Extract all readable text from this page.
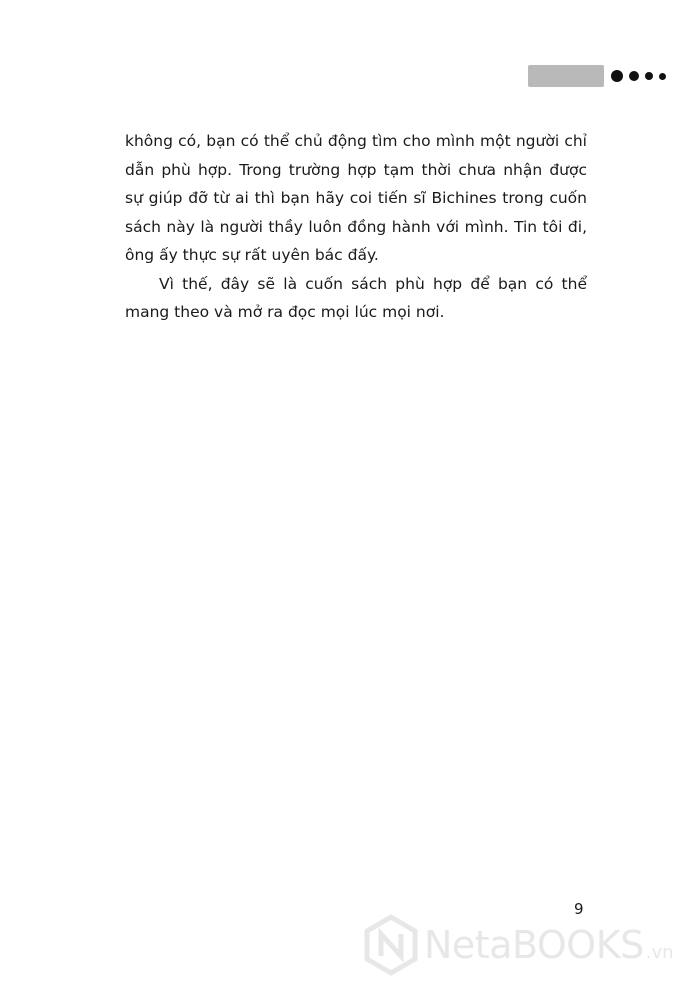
không có, bạn có thể chủ động tìm cho mình một người chỉ dẫn phù hợp. Trong trường hợp tạm thời chưa nhận được sự giúp đỡ từ ai thì bạn hãy coi tiến sĩ Bichines trong cuốn sách này là người thầy luôn đồng hành với mình. Tin tôi đi, ông ấy thực sự rất uyên bác đấy.

Vì thế, đây sẽ là cuốn sách phù hợp để bạn có thể mang theo và mở ra đọc mọi lúc mọi nơi.

9
NetaBOOKS .vn
